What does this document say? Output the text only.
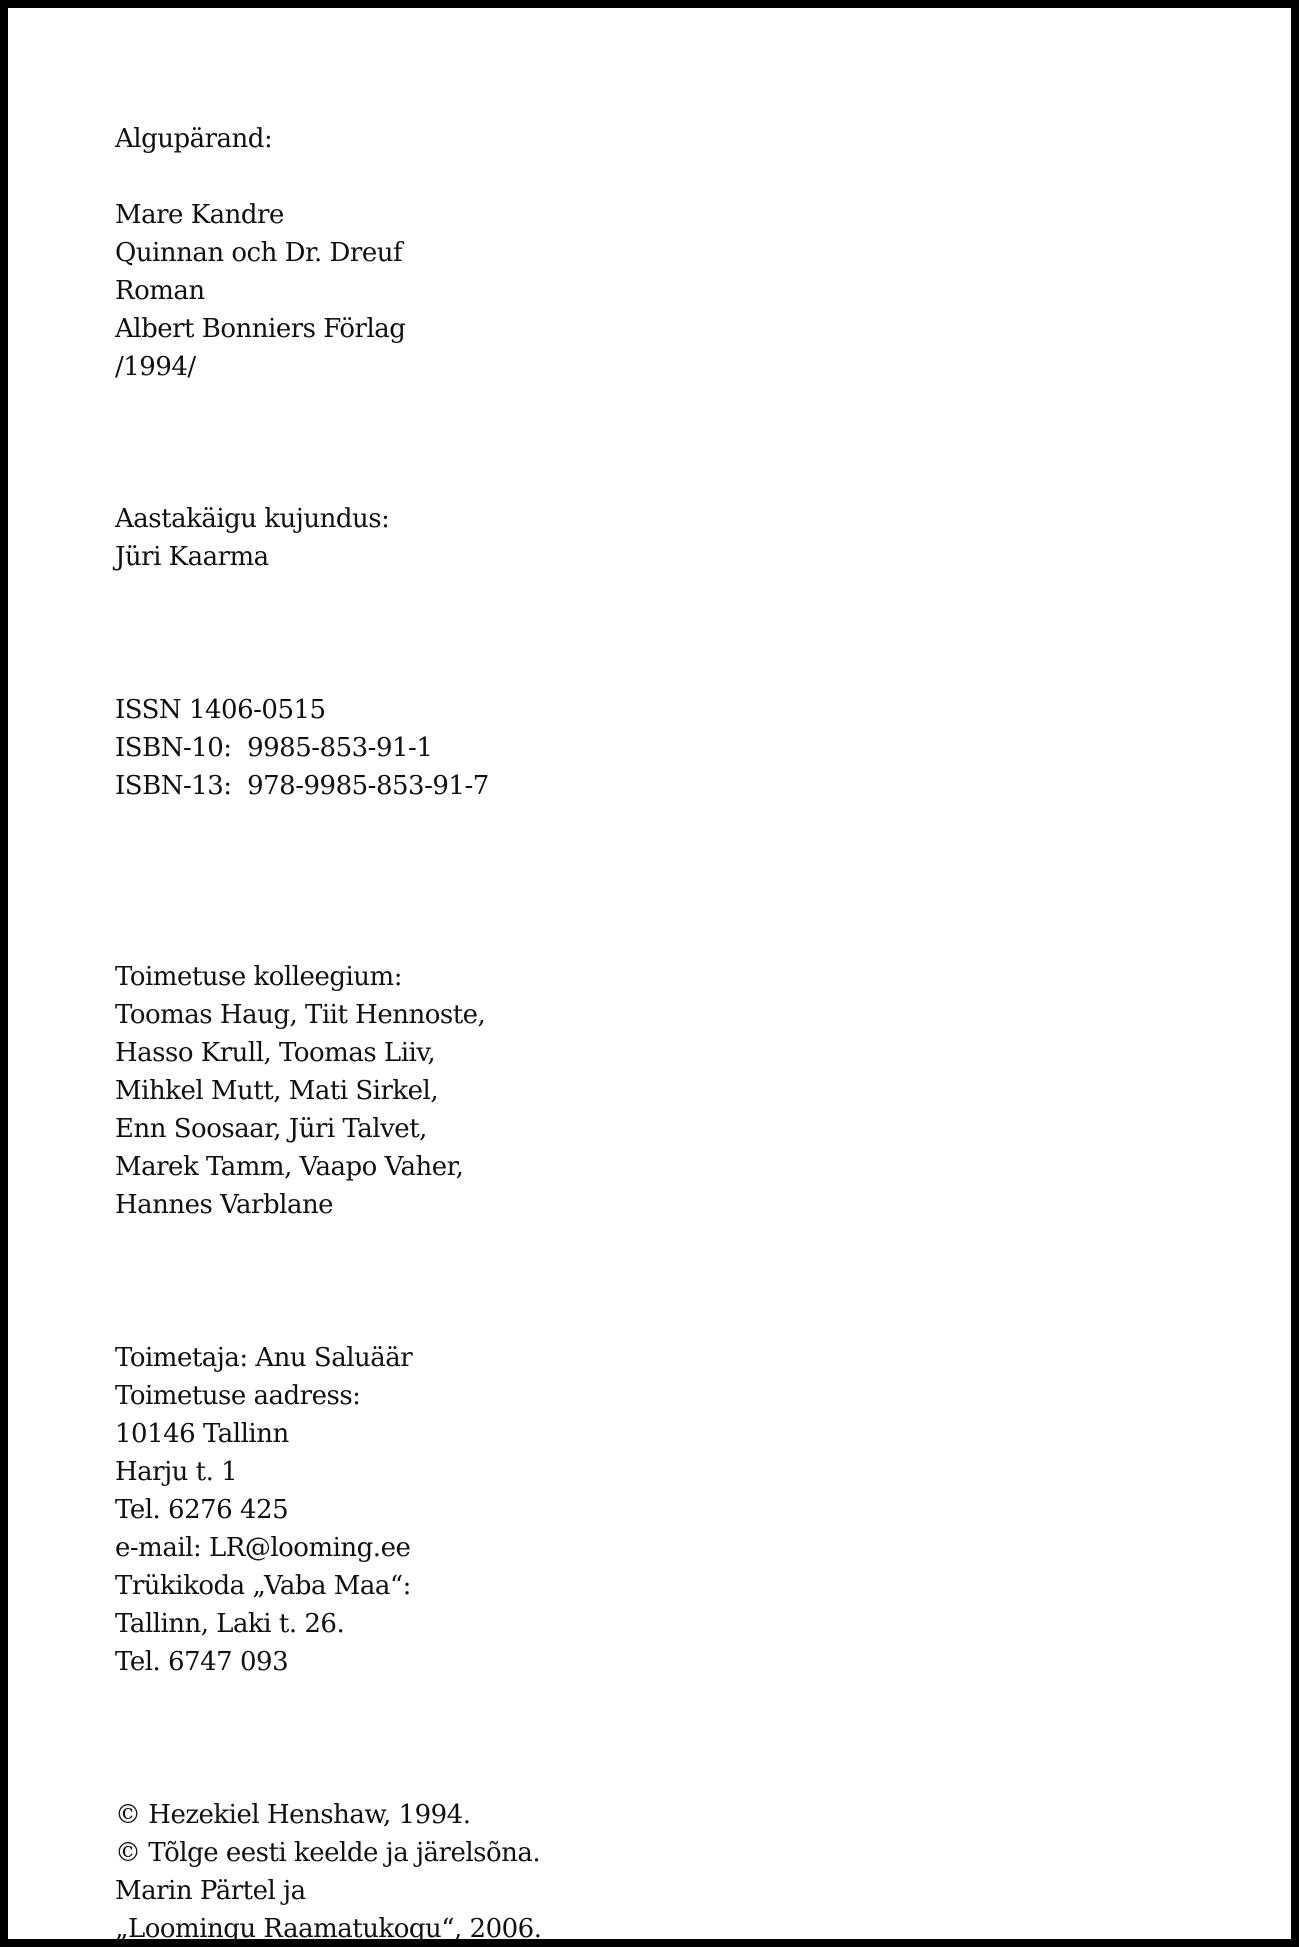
Algupärand:
Mare Kandre
Quinnan och Dr. Dreuf
Roman
Albert Bonniers Förlag
/1994/
Aastakäigu kujundus:
Jüri Kaarma
ISSN 1406-0515
ISBN-10:  9985-853-91-1
ISBN-13:  978-9985-853-91-7
Toimetuse kolleegium:
Toomas Haug, Tiit Hennoste,
Hasso Krull, Toomas Liiv,
Mihkel Mutt, Mati Sirkel,
Enn Soosaar, Jüri Talvet,
Marek Tamm, Vaapo Vaher,
Hannes Varblane
Toimetaja: Anu Saluäär
Toimetuse aadress:
10146 Tallinn
Harju t. 1
Tel. 6276 425
e-mail: LR@looming.ee
Trükikoda „Vaba Maa“:
Tallinn, Laki t. 26.
Tel. 6747 093
© Hezekiel Henshaw, 1994.
© Tõlge eesti keelde ja järelsõna.
Marin Pärtel ja
„Loomingu Raamatukogu“, 2006.
